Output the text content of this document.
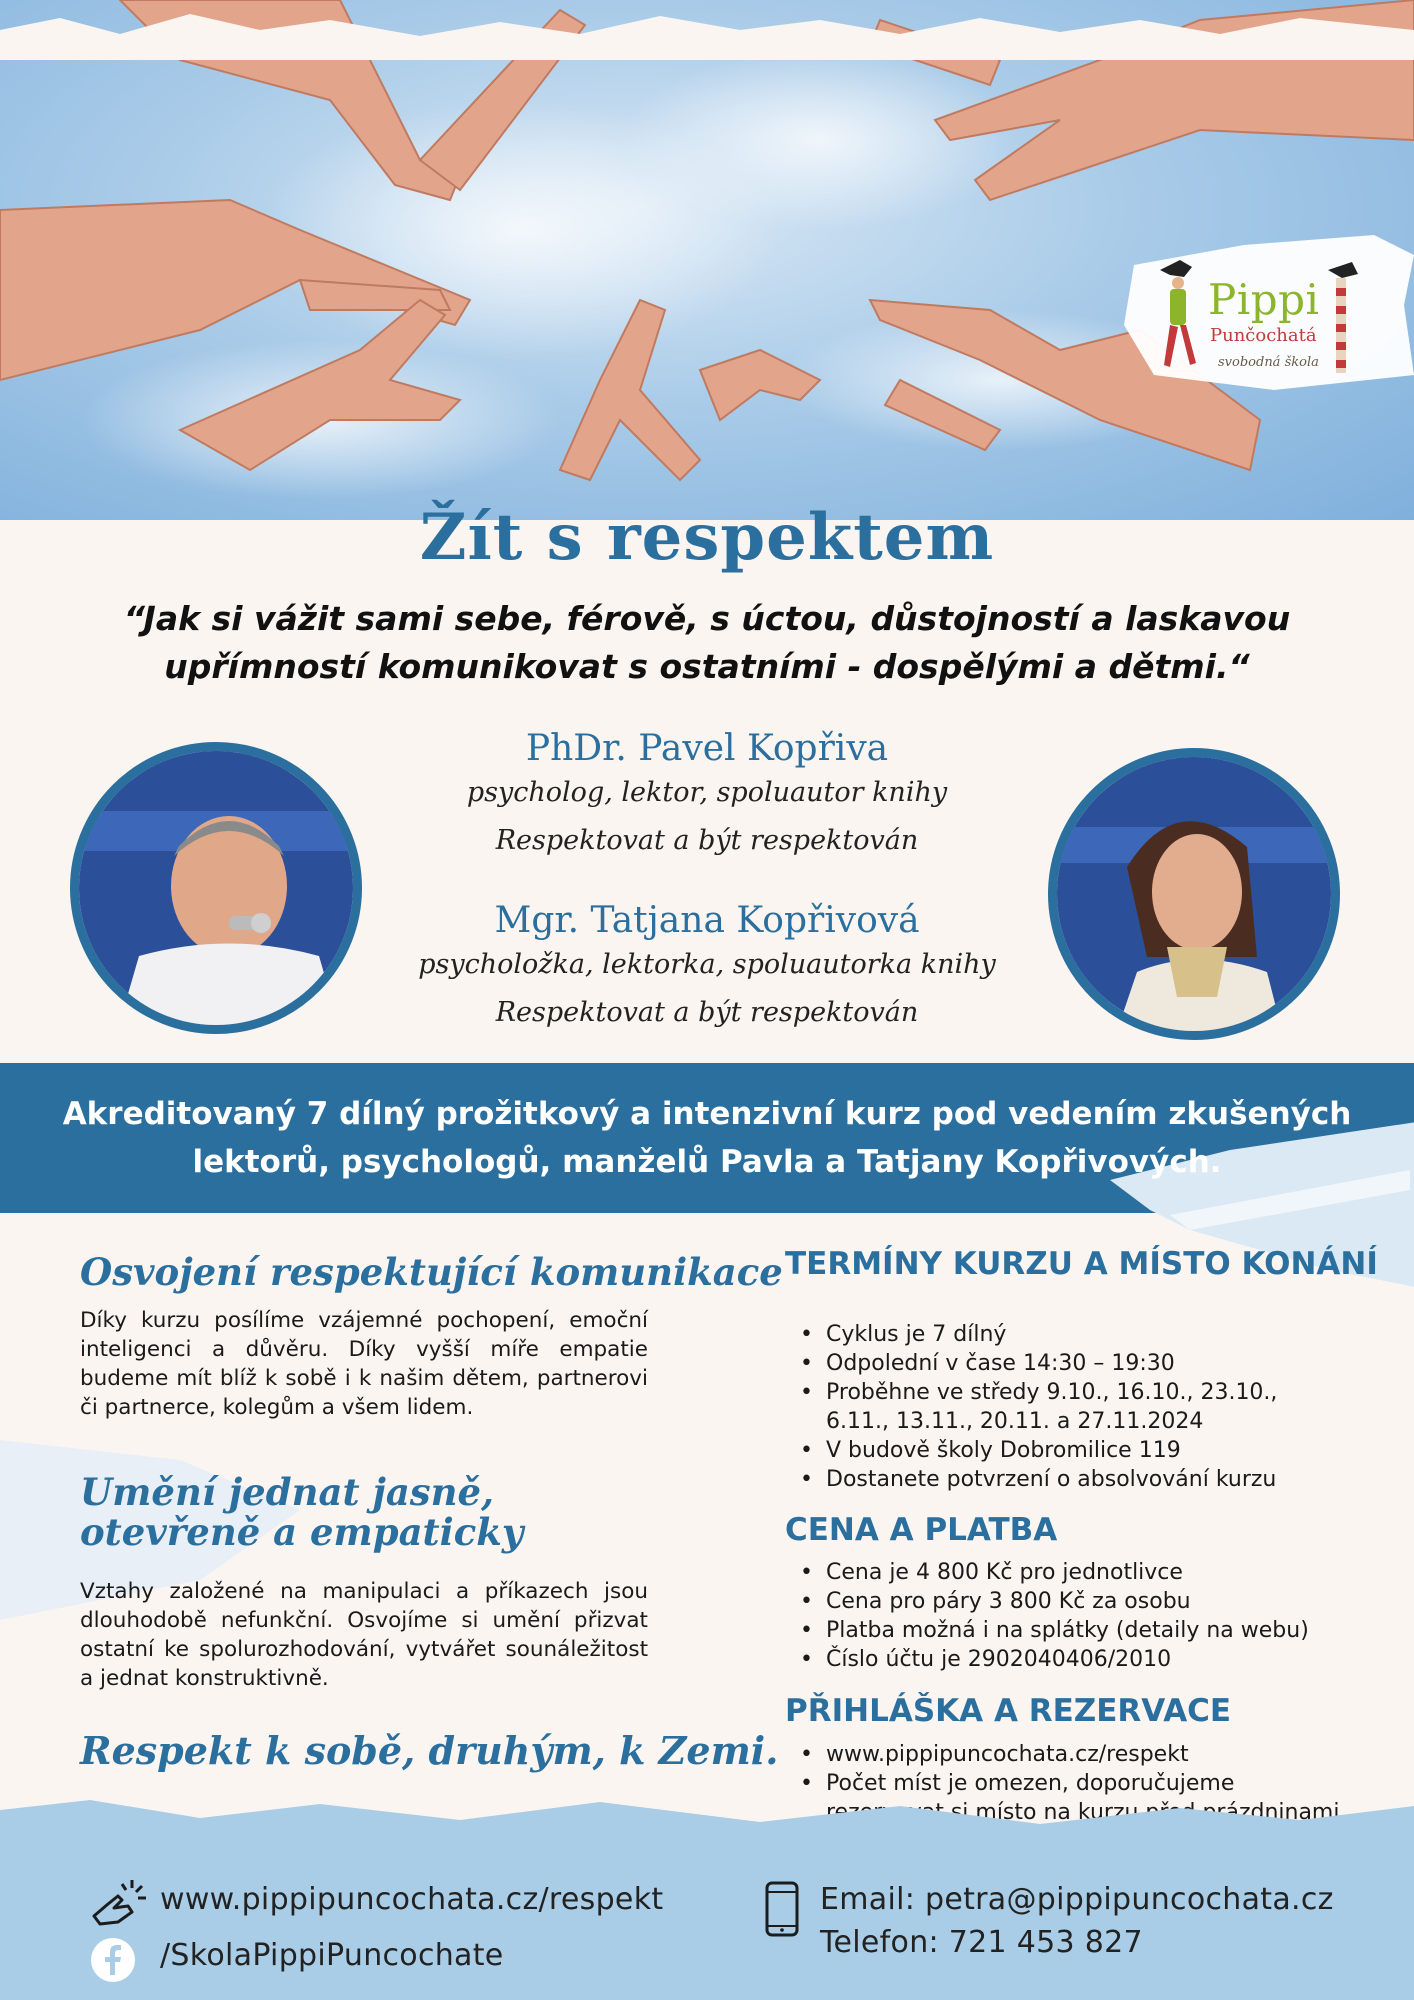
Pippi
Punčochatá
svobodná škola
Žít s respektem

“Jak si vážit sami sebe, férově, s úctou, důstojností a laskavou upřímností komunikovat s ostatními - dospělými a dětmi.“

PhDr. Pavel Kopřiva
psycholog, lektor, spoluautor knihy
Respektovat a být respektován
Mgr. Tatjana Kopřivová
psycholožka, lektorka, spoluautorka knihy
Respektovat a být respektován

Akreditovaný 7 dílný prožitkový a intenzivní kurz pod vedením zkušených lektorů, psychologů, manželů Pavla a Tatjany Kopřivových.

Osvojení respektující komunikace

Díky kurzu posílíme vzájemné pochopení, emoční inteligenci a důvěru. Díky vyšší míře empatie budeme mít blíž k sobě i k našim dětem, partnerovi či partnerce, kolegům a všem lidem.

Umění jednat jasně, otevřeně a empaticky

Vztahy založené na manipulaci a příkazech jsou dlouhodobě nefunkční. Osvojíme si umění přizvat ostatní ke spolurozhodování, vytvářet sounáležitost a jednat konstruktivně.

Respekt k sobě, druhým, k Zemi.
TERMÍNY KURZU A MÍSTO KONÁNÍ
• Cyklus je 7 dílný
• Odpolední v čase 14:30 – 19:30
• Proběhne ve středy 9.10., 16.10., 23.10., 6.11., 13.11., 20.11. a 27.11.2024
• V budově školy Dobromilice 119
• Dostanete potvrzení o absolvování kurzu
CENA A PLATBA
• Cena je 4 800 Kč pro jednotlivce
• Cena pro páry 3 800 Kč za osobu
• Platba možná i na splátky (detaily na webu)
• Číslo účtu je 2902040406/2010
PŘIHLÁŠKA A REZERVACE
• www.pippipuncochata.cz/respekt
• Počet míst je omezen, doporučujeme rezervovat si místo na kurzu před prázdninami
www.pippipuncochata.cz/respekt
/SkolaPippiPuncochate
Email: petra@pippipuncochata.cz
Telefon: 721 453 827
